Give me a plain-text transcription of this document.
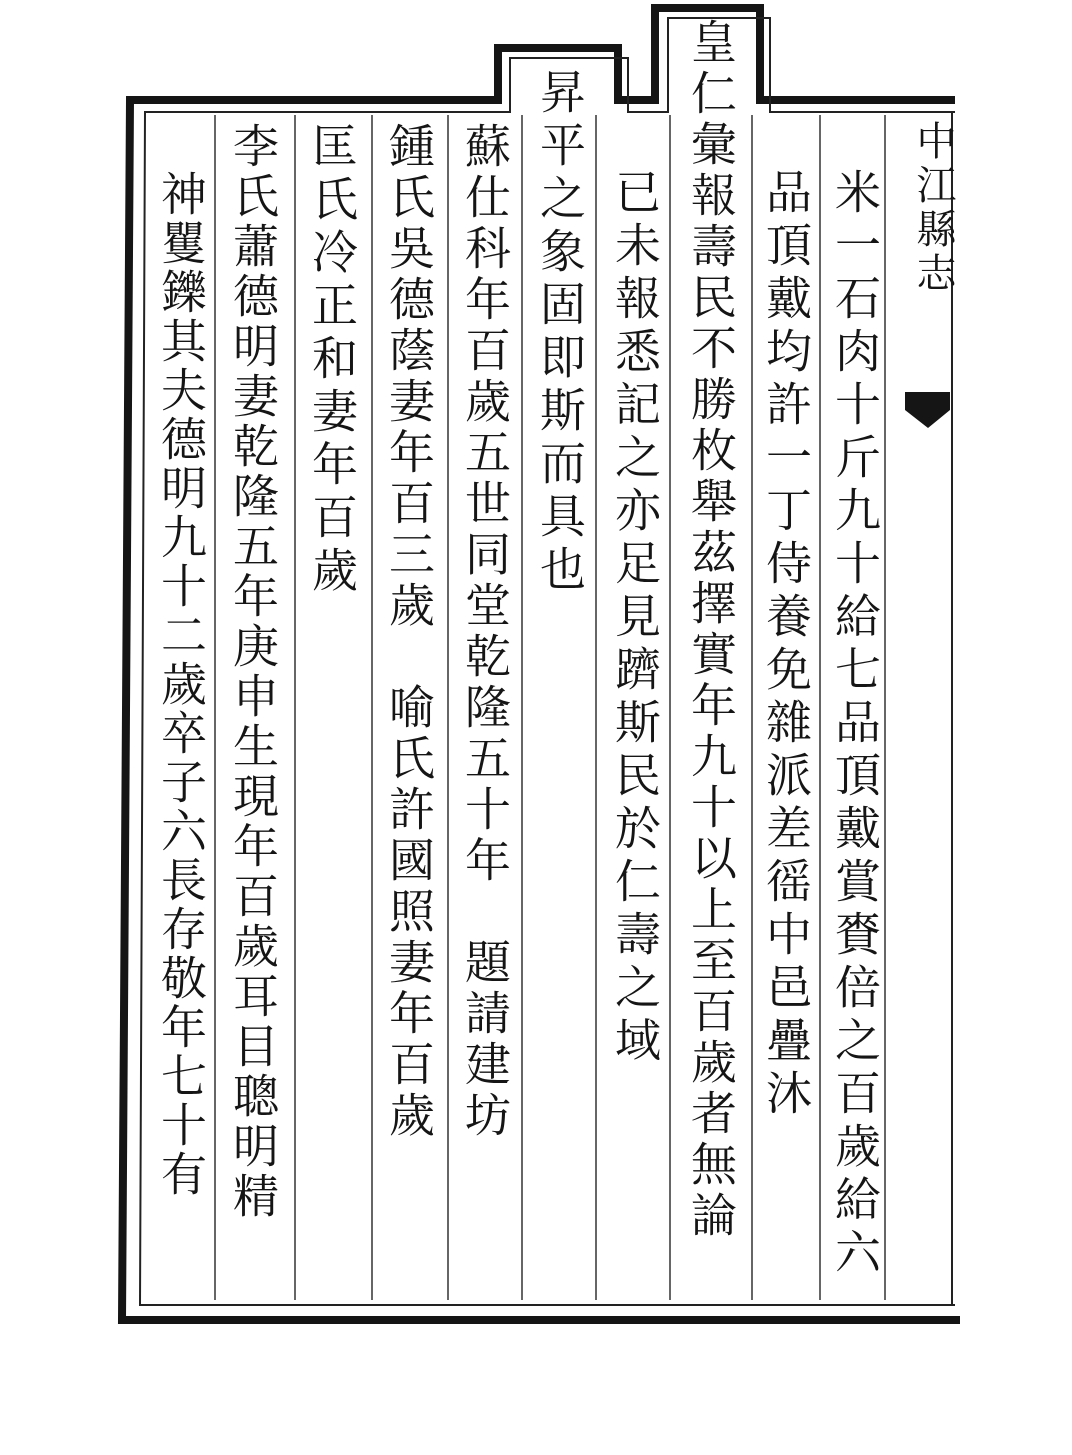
中江縣志
米一石肉十斤九十給七品頂戴賞賚倍之百歲給六
品頂戴均許一丁侍養免雜派差徭中邑疊沐
皇仁彙報壽民不勝枚舉茲擇實年九十以上至百歲者無論
已未報悉記之亦足見躋斯民於仁壽之域
昇平之象固即斯而具也
蘇仕科年百歲五世同堂乾隆五十年　題請建坊
鍾氏吳德蔭妻年百三歲　喻氏許國照妻年百歲
匡氏冷正和妻年百歲
李氏蕭德明妻乾隆五年庚申生現年百歲耳目聰明精
神矍鑠其夫德明九十二歲卒子六長存敬年七十有
